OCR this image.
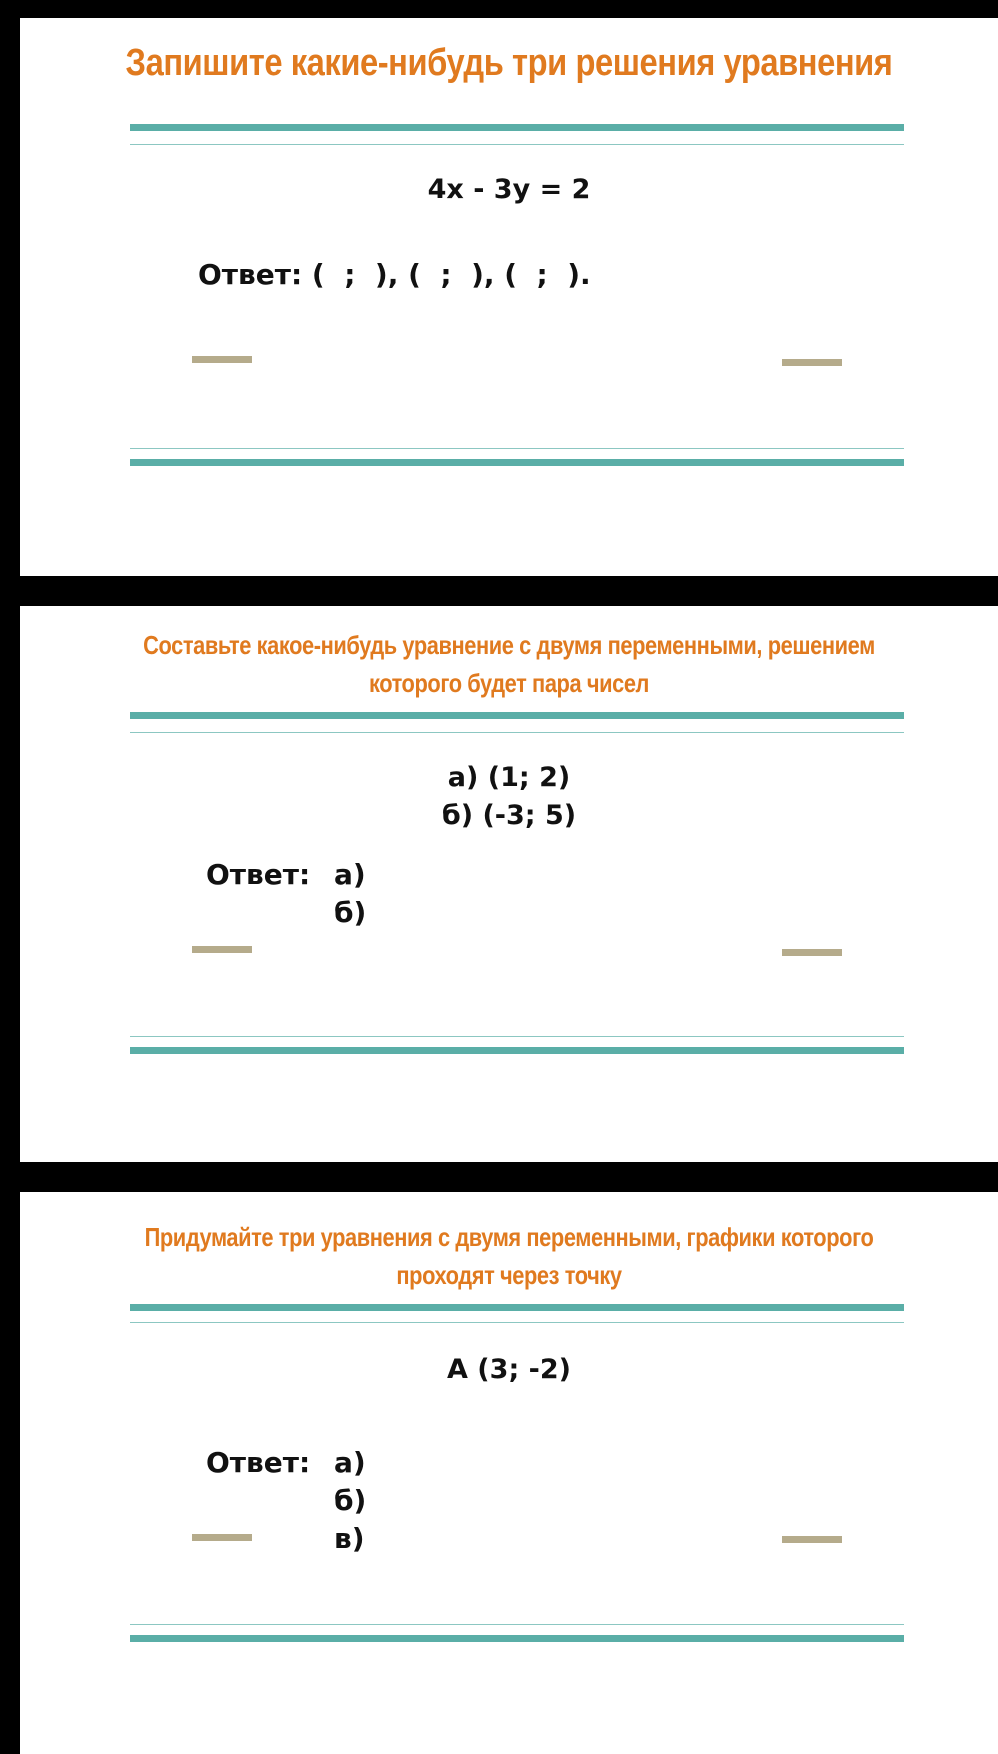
Запишите какие-нибудь три решения уравнения
4x - 3y = 2
Ответ: (  ;  ), (  ;  ), (  ;  ).
Составьте какое-нибудь уравнение с двумя переменными, решением
которого будет пара чисел
а) (1; 2)
б) (-3; 5)
Ответ: а)
б)
Придумайте три уравнения с двумя переменными, графики которого
проходят через точку
А (3; -2)
Ответ: а)
б)
в)
